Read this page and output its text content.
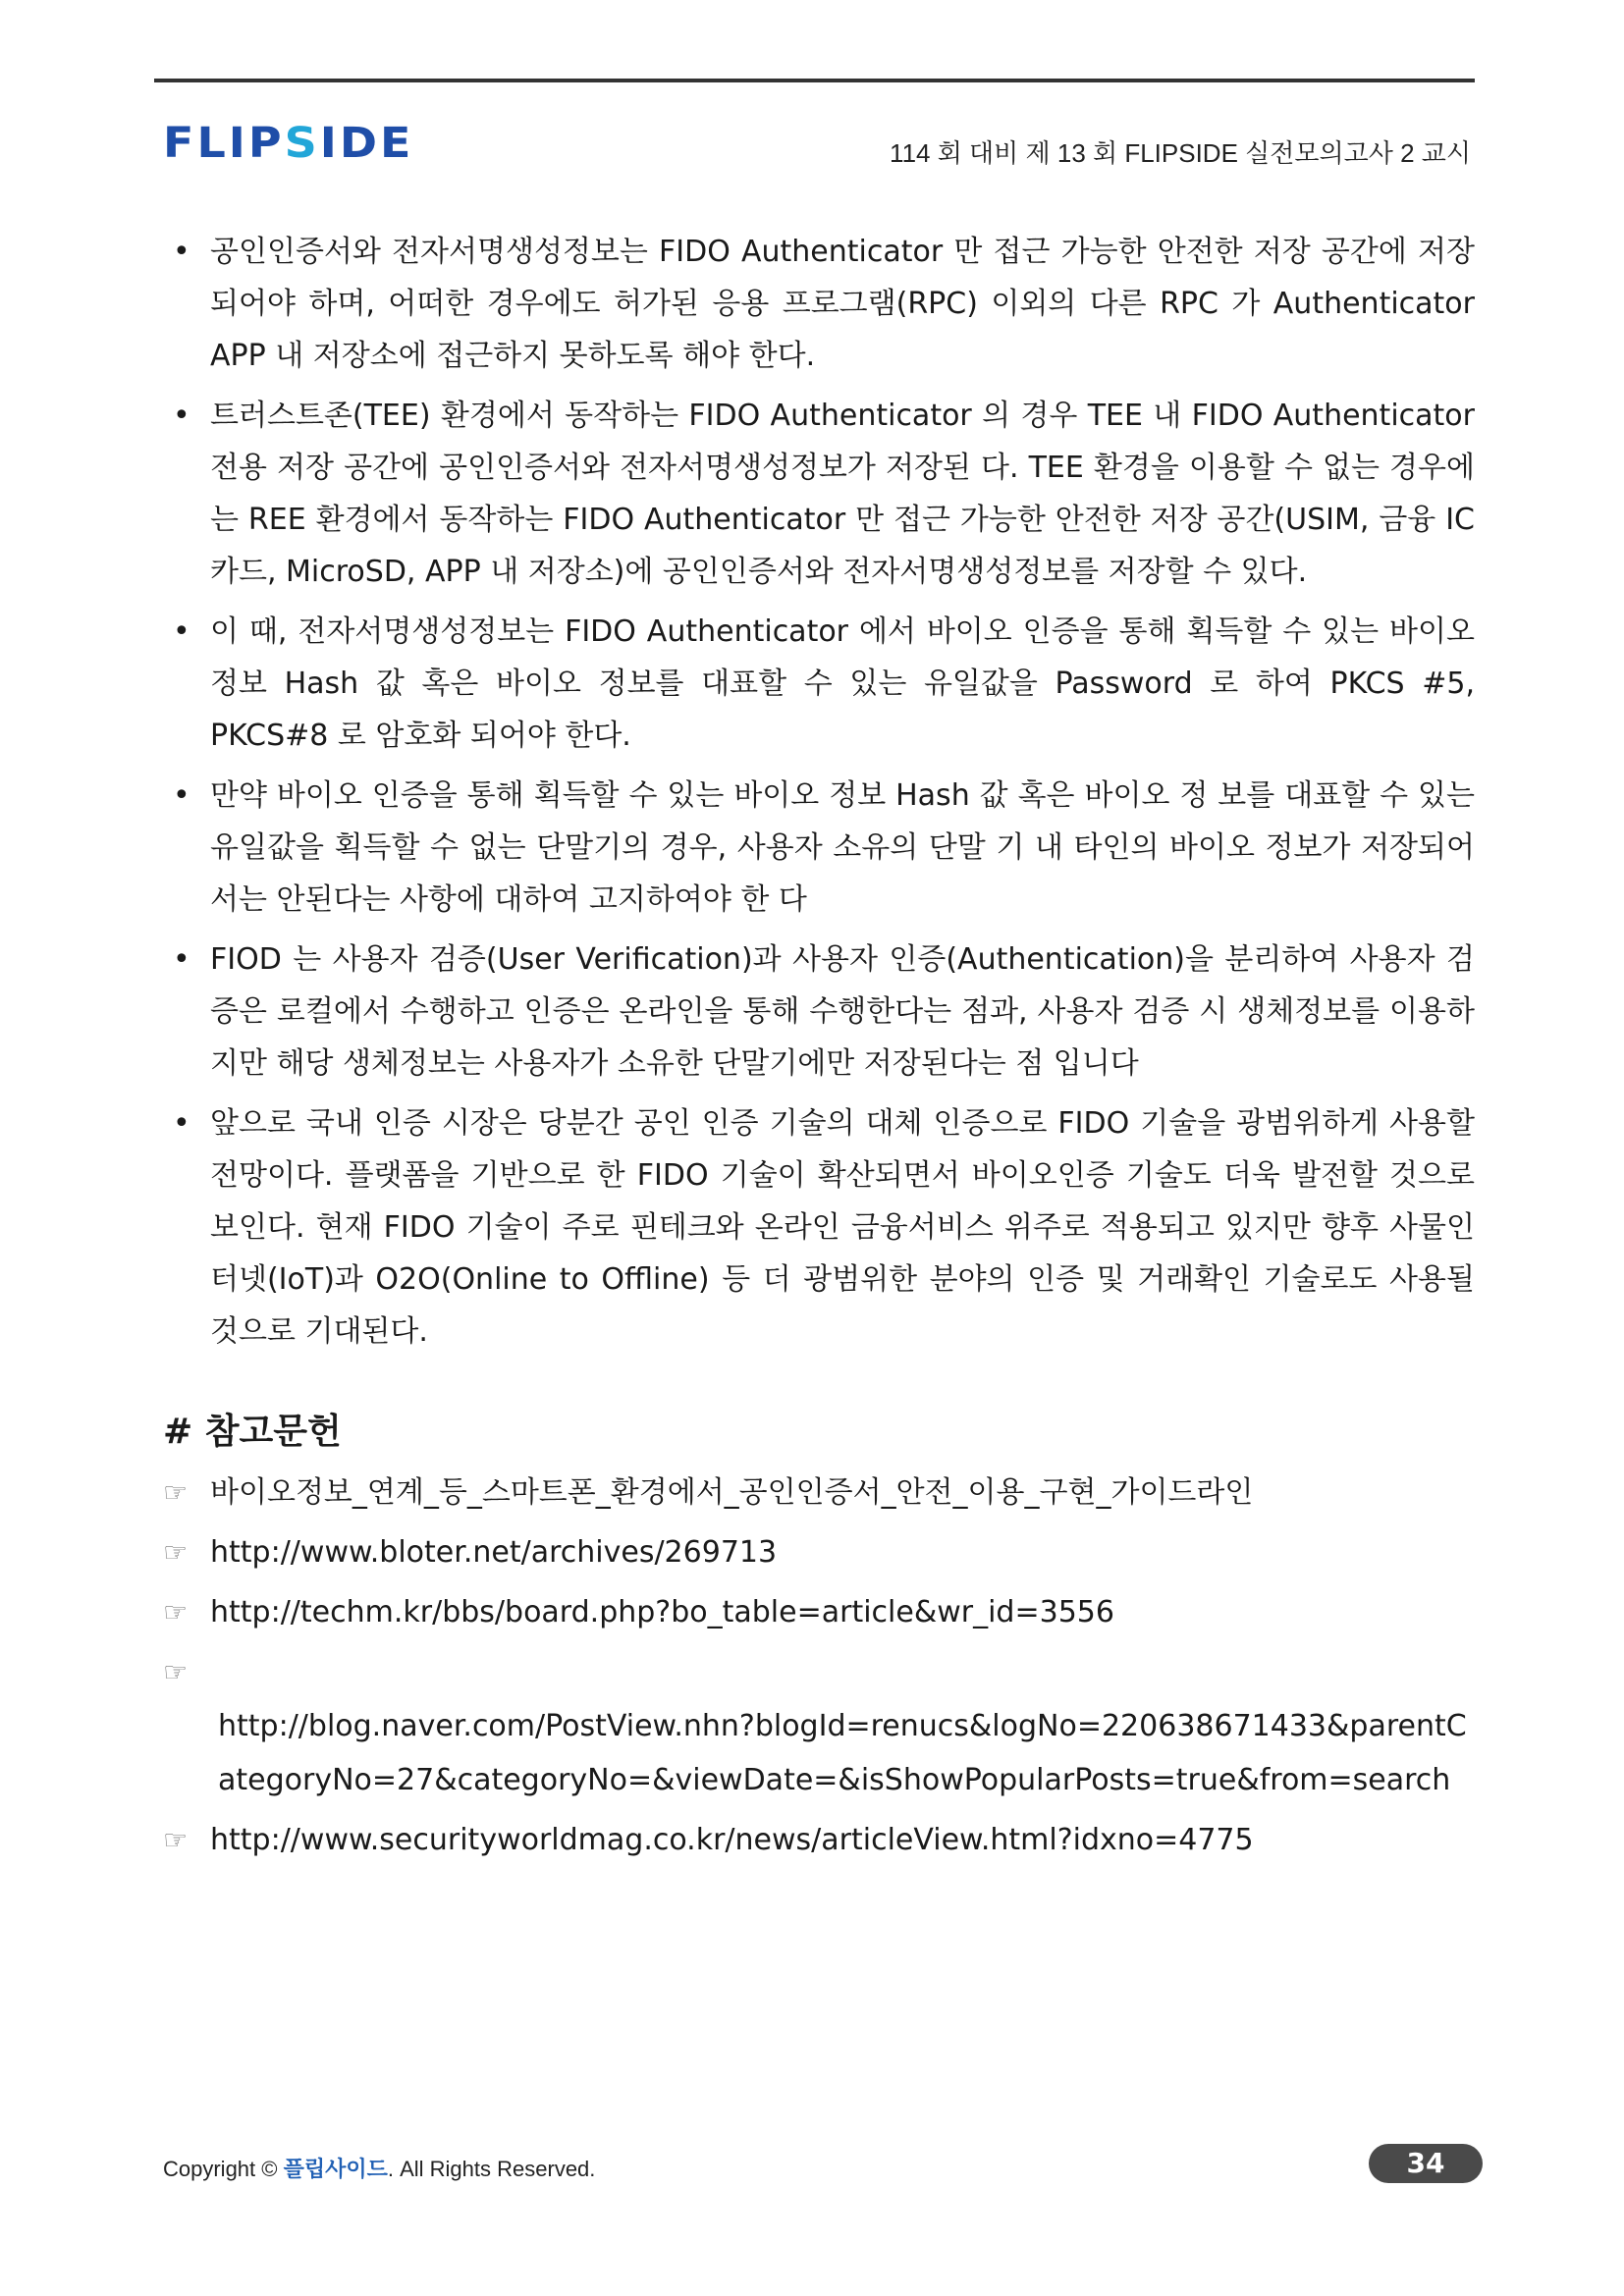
FLIPSIDE	114 회 대비 제 13 회 FLIPSIDE 실전모의고사 2 교시
• 공인인증서와 전자서명생성정보는 FIDO Authenticator 만 접근 가능한 안전한 저장 공간에 저장되어야 하며, 어떠한 경우에도 허가된 응용 프로그램(RPC) 이외의 다른 RPC 가 Authenticator APP 내 저장소에 접근하지 못하도록 해야 한다.
• 트러스트존(TEE) 환경에서 동작하는 FIDO Authenticator 의 경우 TEE 내 FIDO Authenticator 전용 저장 공간에 공인인증서와 전자서명생성정보가 저장된 다. TEE 환경을 이용할 수 없는 경우에는 REE 환경에서 동작하는 FIDO Authenticator 만 접근 가능한 안전한 저장 공간(USIM, 금융 IC 카드, MicroSD, APP 내 저장소)에 공인인증서와 전자서명생성정보를 저장할 수 있다.
• 이 때, 전자서명생성정보는 FIDO Authenticator 에서 바이오 인증을 통해 획득할 수 있는 바이오 정보 Hash 값 혹은 바이오 정보를 대표할 수 있는 유일값을 Password 로 하여 PKCS #5, PKCS#8 로 암호화 되어야 한다.
• 만약 바이오 인증을 통해 획득할 수 있는 바이오 정보 Hash 값 혹은 바이오 정 보를 대표할 수 있는 유일값을 획득할 수 없는 단말기의 경우, 사용자 소유의 단말 기 내 타인의 바이오 정보가 저장되어서는 안된다는 사항에 대하여 고지하여야 한 다
• FIOD 는 사용자 검증(User Verification)과 사용자 인증(Authentication)을 분리하여 사용자 검증은 로컬에서 수행하고 인증은 온라인을 통해 수행한다는 점과, 사용자 검증 시 생체정보를 이용하지만 해당 생체정보는 사용자가 소유한 단말기에만 저장된다는 점 입니다
• 앞으로 국내 인증 시장은 당분간 공인 인증 기술의 대체 인증으로 FIDO 기술을 광범위하게 사용할 전망이다. 플랫폼을 기반으로 한 FIDO 기술이 확산되면서 바이오인증 기술도 더욱 발전할 것으로 보인다. 현재 FIDO 기술이 주로 핀테크와 온라인 금융서비스 위주로 적용되고 있지만 향후 사물인터넷(IoT)과 O2O(Online to Offline) 등 더 광범위한 분야의 인증 및 거래확인 기술로도 사용될 것으로 기대된다.
# 참고문헌
☞ 바이오정보_연계_등_스마트폰_환경에서_공인인증서_안전_이용_구현_가이드라인
☞ http://www.bloter.net/archives/269713
☞ http://techm.kr/bbs/board.php?bo_table=article&wr_id=3556
☞
http://blog.naver.com/PostView.nhn?blogId=renucs&logNo=220638671433&parentCategoryNo=27&categoryNo=&viewDate=&isShowPopularPosts=true&from=search
☞ http://www.securityworldmag.co.kr/news/articleView.html?idxno=4775
Copyright © 플립사이드. All Rights Reserved.	34
